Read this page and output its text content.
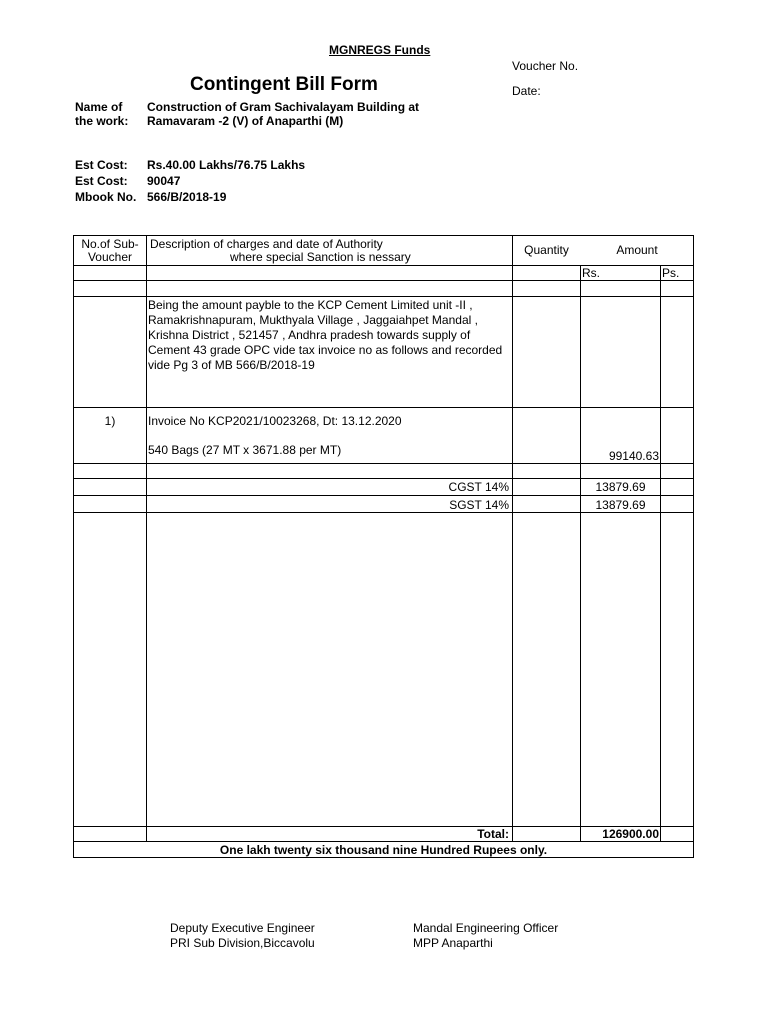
MGNREGS Funds
Contingent Bill Form
Voucher No.
Date:
Name of
the work:
Construction of Gram Sachivalayam Building at
Ramavaram -2 (V) of Anaparthi (M)
Est Cost: Rs.40.00 Lakhs/76.75 Lakhs
Est Cost: 90047
Mbook No. 566/B/2018-19
No.of Sub-
Voucher
Description of charges and date of Authority
where special Sanction is nessary	Quantity	Amount
Rs.	Ps.
Being the amount payble to the KCP Cement Limited unit -II , Ramakrishnapuram, Mukthyala Village , Jaggaiahpet Mandal , Krishna District , 521457 , Andhra pradesh towards supply of Cement 43 grade OPC vide tax invoice no as follows and recorded vide Pg 3 of MB 566/B/2018-19
1)	Invoice No KCP2021/10023268, Dt: 13.12.2020
540 Bags (27 MT x 3671.88 per MT)	99140.63
CGST 14%	13879.69
SGST 14%	13879.69
Total:	126900.00
One lakh twenty six thousand nine Hundred Rupees only.
Deputy Executive Engineer
PRI Sub Division,Biccavolu
Mandal Engineering Officer
MPP Anaparthi
